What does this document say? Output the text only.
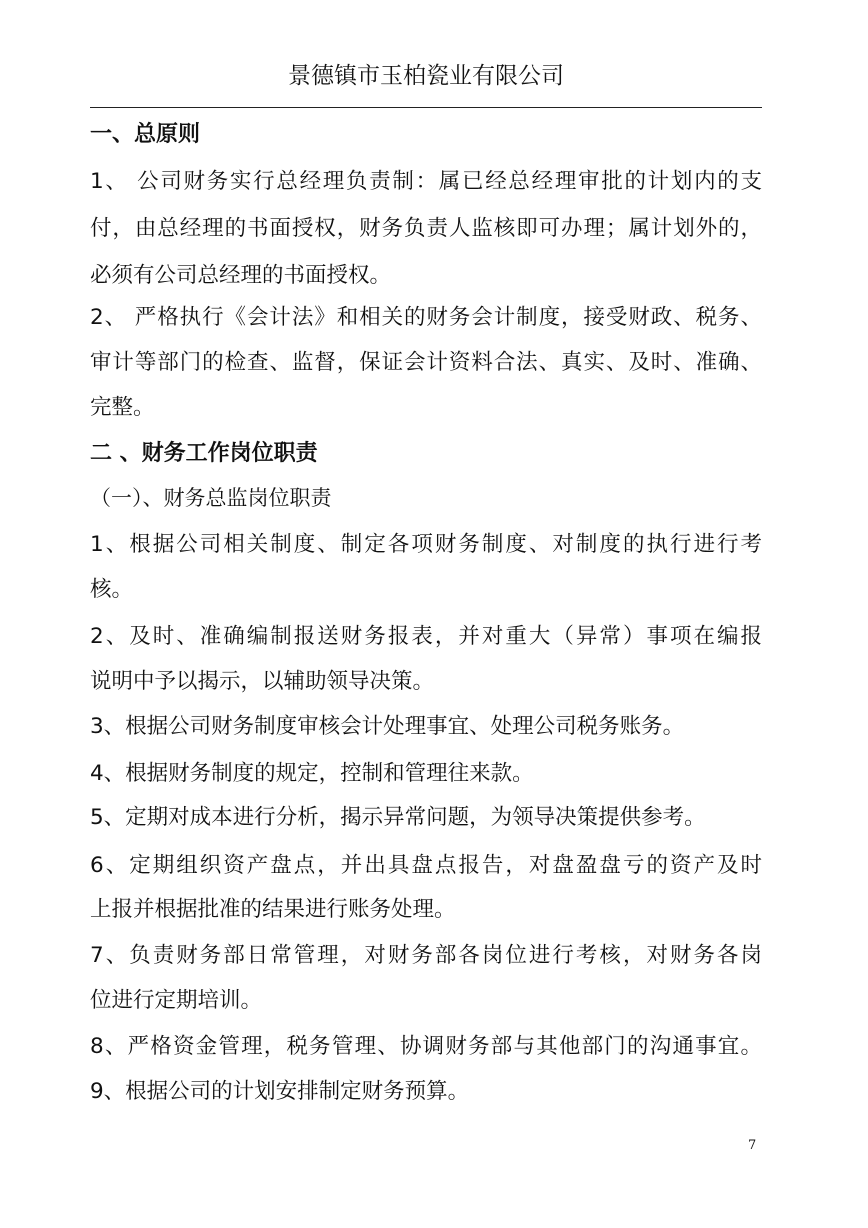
景德镇市玉柏瓷业有限公司
一、总原则
1、 公司财务实行总经理负责制：属已经总经理审批的计划内的支
付，由总经理的书面授权，财务负责人监核即可办理；属计划外的，
必须有公司总经理的书面授权。
2、 严格执行《会计法》和相关的财务会计制度，接受财政、税务、
审计等部门的检查、监督，保证会计资料合法、真实、及时、准确、
完整。
二 、财务工作岗位职责
（一）、财务总监岗位职责
1、根据公司相关制度、制定各项财务制度、对制度的执行进行考
核。
2、及时、准确编制报送财务报表，并对重大（异常）事项在编报
说明中予以揭示，以辅助领导决策。
3、根据公司财务制度审核会计处理事宜、处理公司税务账务。
4、根据财务制度的规定，控制和管理往来款。
5、定期对成本进行分析，揭示异常问题，为领导决策提供参考。
6、定期组织资产盘点，并出具盘点报告，对盘盈盘亏的资产及时
上报并根据批准的结果进行账务处理。
7、负责财务部日常管理，对财务部各岗位进行考核，对财务各岗
位进行定期培训。
8、严格资金管理，税务管理、协调财务部与其他部门的沟通事宜。
9、根据公司的计划安排制定财务预算。
7
